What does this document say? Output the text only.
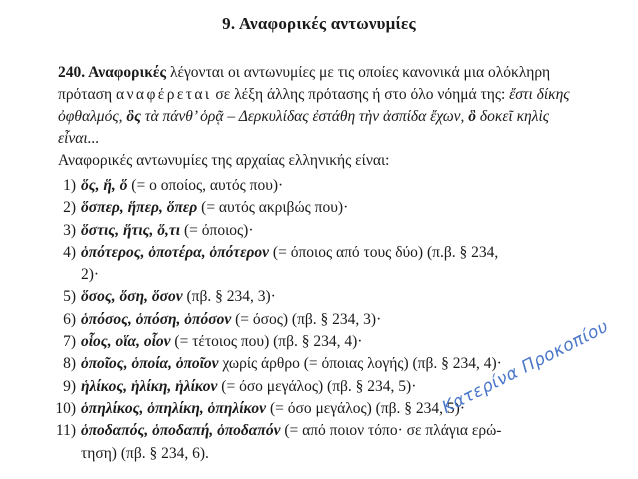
9. Αναφορικές αντωνυμίες
240. Αναφορικές λέγονται οι αντωνυμίες με τις οποίες κανονικά μια ολόκληρη πρόταση αναφέρεται σε λέξη άλλης πρότασης ή στο όλο νόημά της: ἔστι δίκης ὀφθαλμός, ὃς τὰ πάνθ’ ὁρᾷ – Δερκυλίδας ἐστάθη τὴν ἀσπίδα ἔχων, ὃ δοκεῖ κηλὶς εἶναι...
Αναφορικές αντωνυμίες της αρχαίας ελληνικής είναι:
1) ὅς, ἥ, ὅ (= ο οποίος, αυτός που)·
2) ὅσπερ, ἥπερ, ὅπερ (= αυτός ακριβώς που)·
3) ὅστις, ἥτις, ὅ,τι (= όποιος)·
4) ὁπότερος, ὁποτέρα, ὁπότερον (= όποιος από τους δύο) (π.β. § 234,
2)·
5) ὅσος, ὅση, ὅσον (πβ. § 234, 3)·
6) ὁπόσος, ὁπόση, ὁπόσον (= όσος) (πβ. § 234, 3)·
7) οἷος, οἵα, οἷον (= τέτοιος που) (πβ. § 234, 4)·
8) ὁποῖος, ὁποία, ὁποῖον χωρίς άρθρο (= όποιας λογής) (πβ. § 234, 4)·
9) ἡλίκος, ἡλίκη, ἡλίκον (= όσο μεγάλος) (πβ. § 234, 5)·
10) ὁπηλίκος, ὁπηλίκη, ὁπηλίκον (= όσο μεγάλος) (πβ. § 234, 5)·
11) ὁποδαπός, ὁποδαπή, ὁποδαπόν (= από ποιον τόπο· σε πλάγια ερώ-
τηση) (πβ. § 234, 6).
Κατερίνα Προκοπίου
